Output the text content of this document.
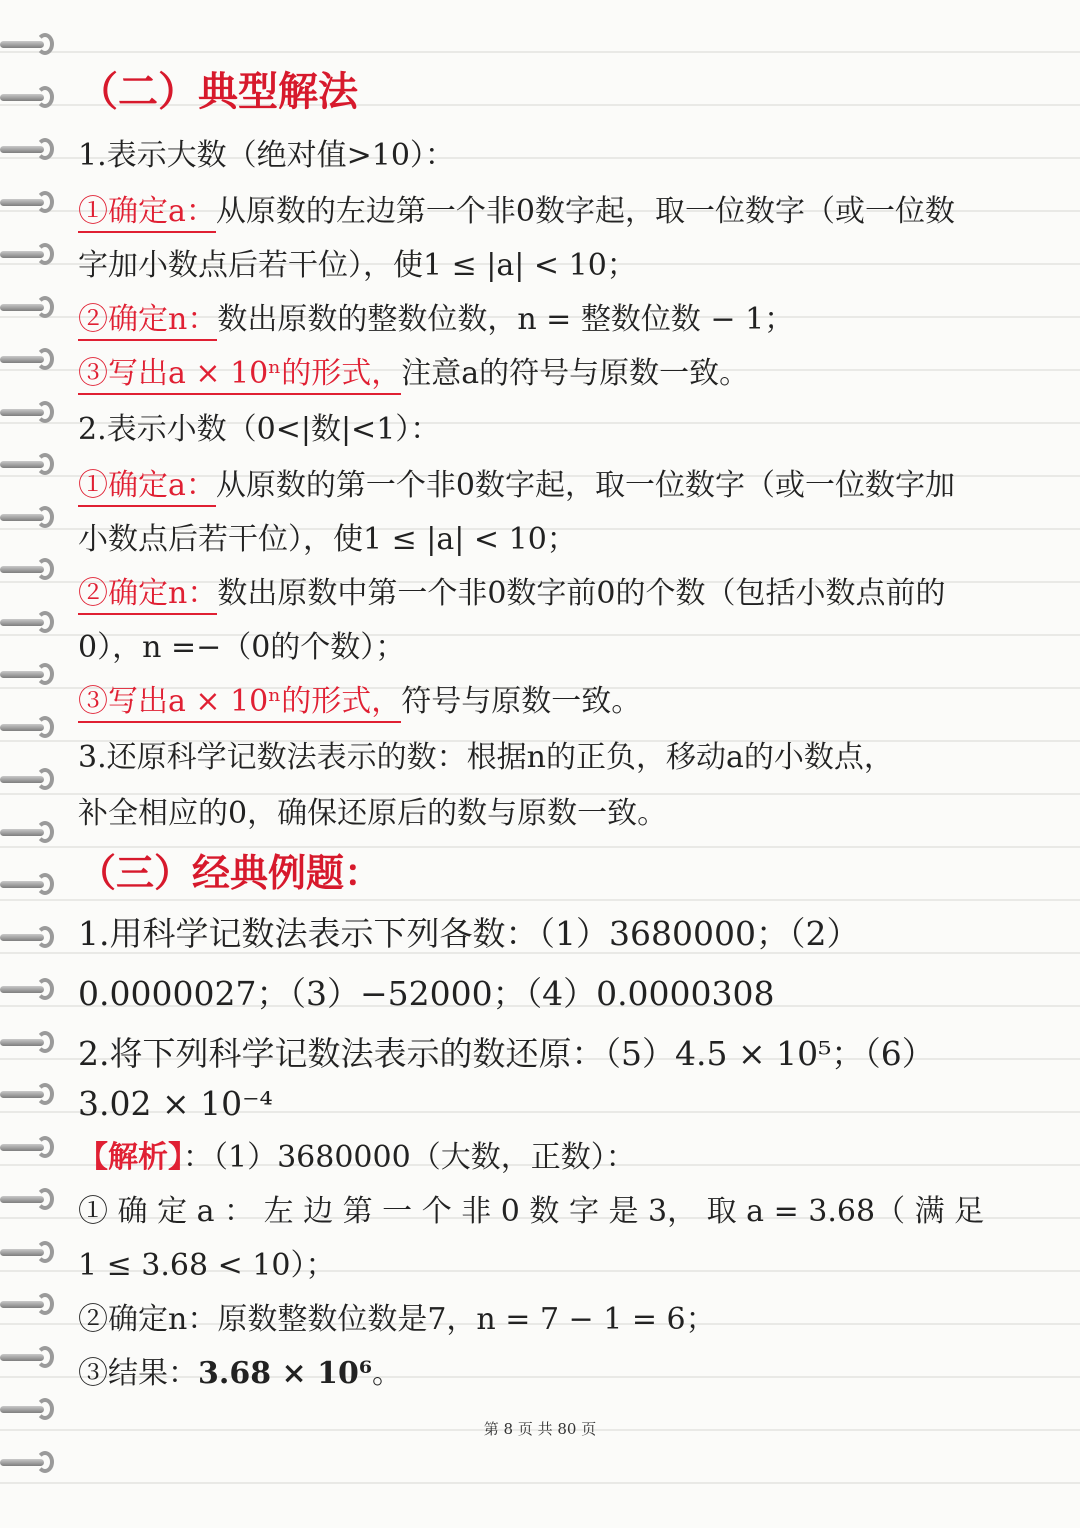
（二）典型解法
1.表示大数（绝对值>10）：
①确定a：从原数的左边第一个非0数字起，取一位数字（或一位数
字加小数点后若干位），使1 ≤ |a| < 10；
②确定n：数出原数的整数位数，n = 整数位数 − 1；
③写出a × 10ⁿ的形式，注意a的符号与原数一致。
2.表示小数（0<|数|<1）：
①确定a：从原数的第一个非0数字起，取一位数字（或一位数字加
小数点后若干位），使1 ≤ |a| < 10；
②确定n：数出原数中第一个非0数字前0的个数（包括小数点前的
0），n =−（0的个数）；
③写出a × 10ⁿ的形式，符号与原数一致。
3.还原科学记数法表示的数：根据n的正负，移动a的小数点，
补全相应的0，确保还原后的数与原数一致。
（三）经典例题：
1.用科学记数法表示下列各数：（1）3680000；（2）
0.0000027；（3）−52000；（4）0.0000308
2.将下列科学记数法表示的数还原：（5）4.5 × 10⁵；（6）
3.02 × 10⁻⁴
【解析】：（1）3680000（大数，正数）：
① 确 定 a ： 左 边 第 一 个 非 0 数 字 是 3， 取 a = 3.68（ 满 足
1 ≤ 3.68 < 10）；
②确定n：原数整数位数是7，n = 7 − 1 = 6；
③结果：3.68 × 10⁶。
第 8 页 共 80 页
